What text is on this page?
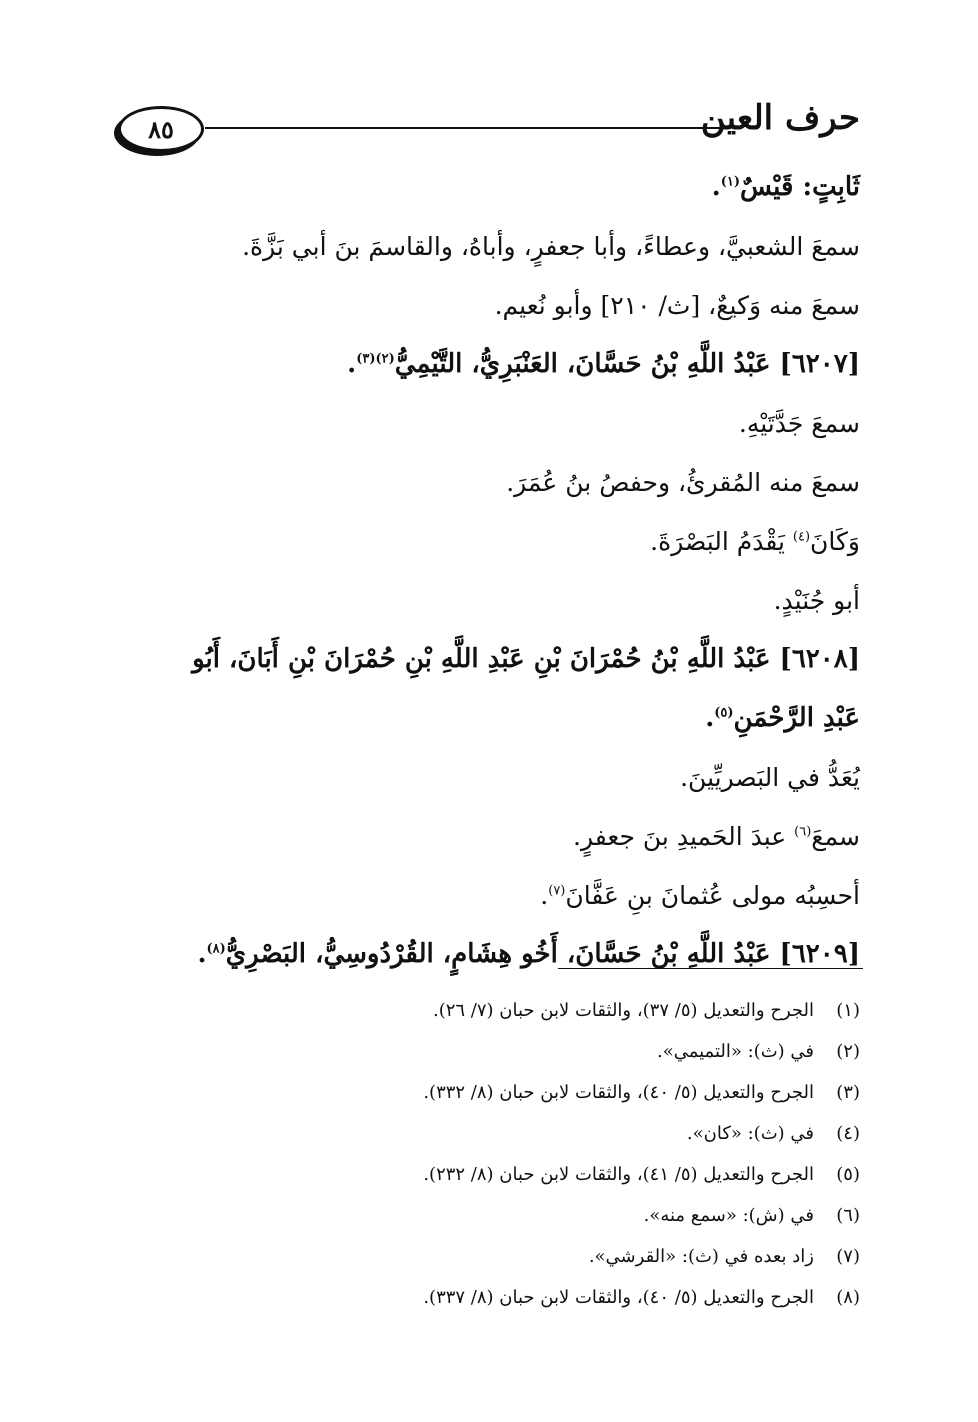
حرف العين
٨٥
ثَابِتٍ: قَيْسٌ$^{(١)}$.
سمعَ الشعبيَّ، وعطاءً، وأبا جعفرٍ، وأباهُ، والقاسمَ بنَ أبي بَزَّةَ.
سمعَ منه وَكيعٌ، [ث/ ٢١٠] وأبو نُعيم.
[٦٢٠٧] عَبْدُ اللَّهِ بْنُ حَسَّانَ، العَنْبَرِيُّ، التَّيْمِيُّ$^{(٢)(٣)}$.
سمعَ جَدَّتَيْهِ.
سمعَ منه المُقرئُ، وحفصُ بنُ عُمَرَ.
وَكَانَ$^{(٤)}$ يَقْدَمُ البَصْرَةَ.
أبو جُنَيْدٍ.
[٦٢٠٨] عَبْدُ اللَّهِ بْنُ حُمْرَانَ بْنِ عَبْدِ اللَّهِ بْنِ حُمْرَانَ بْنِ أَبَانَ، أَبُو
عَبْدِ الرَّحْمَنِ$^{(٥)}$.
يُعَدُّ في البَصريِّينَ.
سمعَ$^{(٦)}$ عبدَ الحَميدِ بنَ جعفرٍ.
أحسِبُه مولى عُثمانَ بنِ عَفَّانَ$^{(٧)}$.
[٦٢٠٩] عَبْدُ اللَّهِ بْنُ حَسَّانَ، أَخُو هِشَامٍ، القُرْدُوسِيُّ، البَصْرِيُّ$^{(٨)}$.
(١)
الجرح والتعديل (٥/ ٣٧)، والثقات لابن حبان (٧/ ٢٦).
(٢)
في (ث): «التميمي».
(٣)
الجرح والتعديل (٥/ ٤٠)، والثقات لابن حبان (٨/ ٣٣٢).
(٤)
في (ث): «كان».
(٥)
الجرح والتعديل (٥/ ٤١)، والثقات لابن حبان (٨/ ٢٣٢).
(٦)
في (ش): «سمع منه».
(٧)
زاد بعده في (ث): «القرشي».
(٨)
الجرح والتعديل (٥/ ٤٠)، والثقات لابن حبان (٨/ ٣٣٧).
